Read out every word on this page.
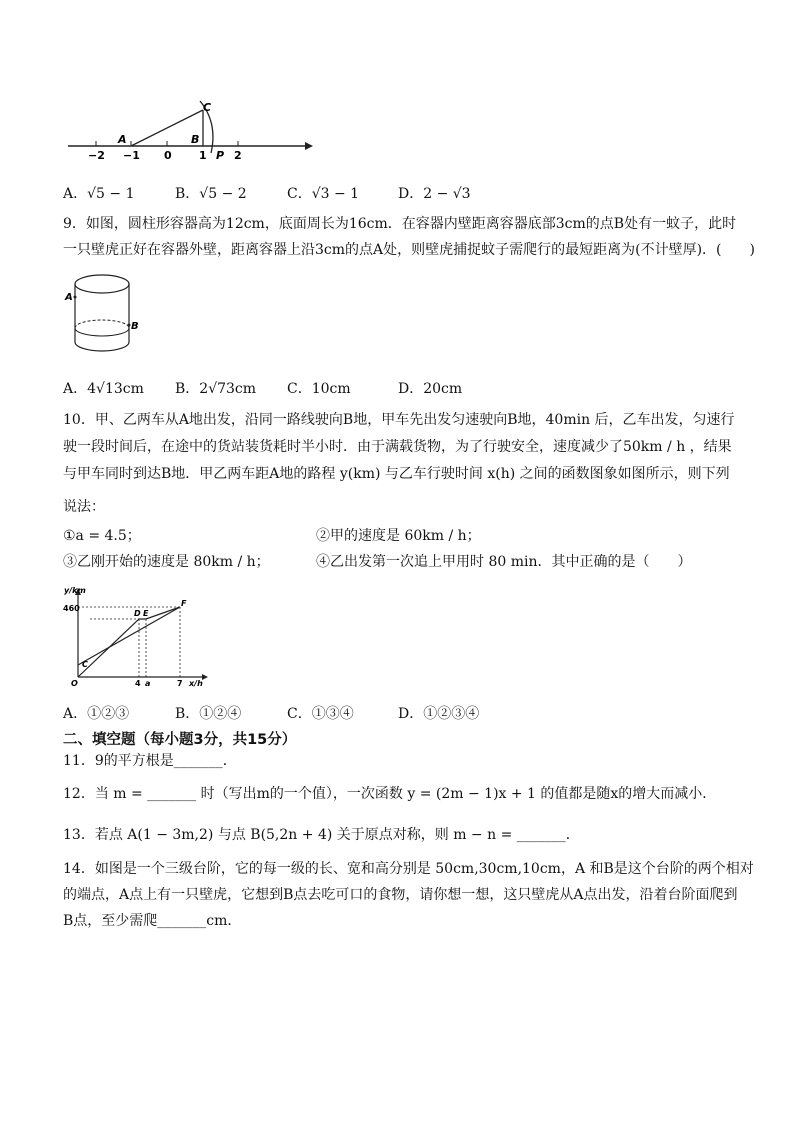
A	B
C
P
−2 −1 0 1 2
A．√5 − 1	B．√5 − 2	C．√3 − 1	D．2 − √3
9．如图，圆柱形容器高为12cm，底面周长为16cm．在容器内壁距离容器底部3cm的点B处有一蚊子，此时
一只壁虎正好在容器外壁，距离容器上沿3cm的点A处，则壁虎捕捉蚊子需爬行的最短距离为(不计壁厚)．(　　)
A
B
A．4√13cm B．2√73cm C．10cm	D．20cm
10．甲、乙两车从A地出发，沿同一路线驶向B地，甲车先出发匀速驶向B地，40min 后，乙车出发，匀速行
驶一段时间后，在途中的货站装货耗时半小时．由于满载货物，为了行驶安全，速度减少了50km / h ，结果
与甲车同时到达B地．甲乙两车距A地的路程 y(km) 与乙车行驶时间 x(h) 之间的函数图象如图所示，则下列
说法：
①a = 4.5；	②甲的速度是 60km / h；
③乙刚开始的速度是 80km / h；	④乙出发第一次追上甲用时 80 min．其中正确的是（　　）
y/km
x/h
460
O	4 a	7
C
D E
F
A．①②③	B．①②④	C．①③④	D．①②③④
二、填空题（每小题3分，共15分）
11．9的平方根是_______．
12．当 m = _______ 时（写出m的一个值），一次函数 y = (2m − 1)x + 1 的值都是随x的增大而减小．
13．若点 A(1 − 3m,2) 与点 B(5,2n + 4) 关于原点对称，则 m − n = _______．
14．如图是一个三级台阶，它的每一级的长、宽和高分别是 50cm,30cm,10cm，A 和B是这个台阶的两个相对
的端点，A点上有一只壁虎，它想到B点去吃可口的食物，请你想一想，这只壁虎从A点出发，沿着台阶面爬到
B点，至少需爬_______cm．
